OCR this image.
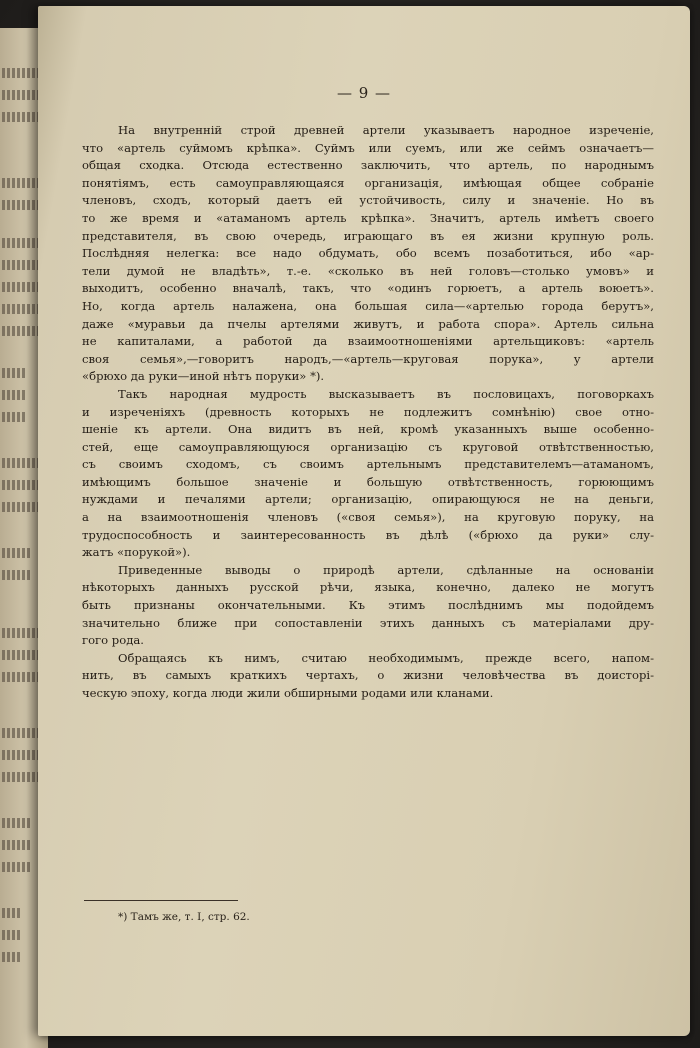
— 9 —
На внутренній строй древней артели указываетъ народное изреченіе,
что «артель суймомъ крѣпка». Суймъ или суемъ, или же сеймъ означаетъ—
общая сходка. Отсюда естественно заключить, что артель, по народнымъ
понятіямъ, есть самоуправляющаяся организація, имѣющая общее собраніе
членовъ, сходъ, который даетъ ей устойчивость, силу и значеніе. Но въ
то же время и «атаманомъ артель крѣпка». Значитъ, артель имѣетъ своего
представителя, въ свою очередь, играющаго въ ея жизни крупную роль.
Послѣдняя нелегка: все надо обдумать, обо всемъ позаботиться, ибо «ар-
тели думой не владѣть», т.-е. «сколько въ ней головъ—столько умовъ» и
выходитъ, особенно вначалѣ, такъ, что «одинъ горюетъ, а артель воюетъ».
Но, когда артель налажена, она большая сила—«артелью города берутъ»,
даже «муравьи да пчелы артелями живутъ, и работа спора». Артель сильна
не капиталами, а работой да взаимоотношеніями артельщиковъ: «артель
своя семья»,—говоритъ народъ,—«артель—круговая порука», у артели
«брюхо да руки—иной нѣтъ поруки» *).
Такъ народная мудрость высказываетъ въ пословицахъ, поговоркахъ
и изреченіяхъ (древность которыхъ не подлежитъ сомнѣнію) свое отно-
шеніе къ артели. Она видитъ въ ней, кромѣ указанныхъ выше особенно-
стей, еще самоуправляющуюся организацію съ круговой отвѣтственностью,
съ своимъ сходомъ, съ своимъ артельнымъ представителемъ—атаманомъ,
имѣющимъ большое значеніе и большую отвѣтственность, горюющимъ
нуждами и печалями артели; организацію, опирающуюся не на деньги,
а на взаимоотношенія членовъ («своя семья»), на круговую поруку, на
трудоспособность и заинтересованность въ дѣлѣ («брюхо да руки» слу-
жатъ «порукой»).
Приведенные выводы о природѣ артели, сдѣланные на основаніи
нѣкоторыхъ данныхъ русской рѣчи, языка, конечно, далеко не могутъ
быть признаны окончательными. Къ этимъ послѣднимъ мы подойдемъ
значительно ближе при сопоставленіи этихъ данныхъ съ матеріалами дру-
гого рода.
Обращаясь къ нимъ, считаю необходимымъ, прежде всего, напом-
нить, въ самыхъ краткихъ чертахъ, о жизни человѣчества въ доисторі-
ческую эпоху, когда люди жили обширными родами или кланами.
*) Тамъ же, т. I, стр. 62.
